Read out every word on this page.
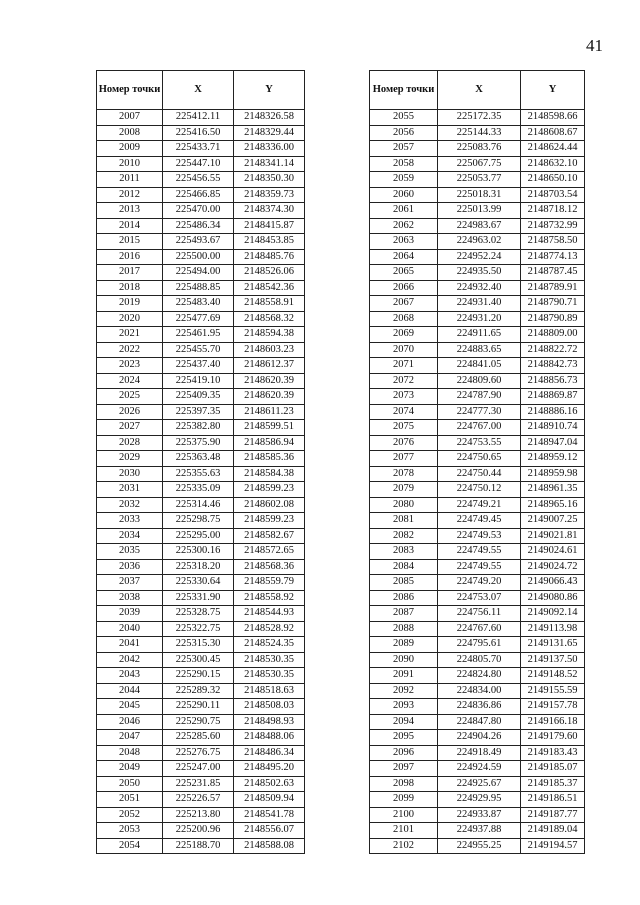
41
Номер точки	X	Y
2007	225412.11	2148326.58
2008	225416.50	2148329.44
2009	225433.71	2148336.00
2010	225447.10	2148341.14
2011	225456.55	2148350.30
2012	225466.85	2148359.73
2013	225470.00	2148374.30
2014	225486.34	2148415.87
2015	225493.67	2148453.85
2016	225500.00	2148485.76
2017	225494.00	2148526.06
2018	225488.85	2148542.36
2019	225483.40	2148558.91
2020	225477.69	2148568.32
2021	225461.95	2148594.38
2022	225455.70	2148603.23
2023	225437.40	2148612.37
2024	225419.10	2148620.39
2025	225409.35	2148620.39
2026	225397.35	2148611.23
2027	225382.80	2148599.51
2028	225375.90	2148586.94
2029	225363.48	2148585.36
2030	225355.63	2148584.38
2031	225335.09	2148599.23
2032	225314.46	2148602.08
2033	225298.75	2148599.23
2034	225295.00	2148582.67
2035	225300.16	2148572.65
2036	225318.20	2148568.36
2037	225330.64	2148559.79
2038	225331.90	2148558.92
2039	225328.75	2148544.93
2040	225322.75	2148528.92
2041	225315.30	2148524.35
2042	225300.45	2148530.35
2043	225290.15	2148530.35
2044	225289.32	2148518.63
2045	225290.11	2148508.03
2046	225290.75	2148498.93
2047	225285.60	2148488.06
2048	225276.75	2148486.34
2049	225247.00	2148495.20
2050	225231.85	2148502.63
2051	225226.57	2148509.94
2052	225213.80	2148541.78
2053	225200.96	2148556.07
2054	225188.70	2148588.08
Номер точки	X	Y
2055	225172.35	2148598.66
2056	225144.33	2148608.67
2057	225083.76	2148624.44
2058	225067.75	2148632.10
2059	225053.77	2148650.10
2060	225018.31	2148703.54
2061	225013.99	2148718.12
2062	224983.67	2148732.99
2063	224963.02	2148758.50
2064	224952.24	2148774.13
2065	224935.50	2148787.45
2066	224932.40	2148789.91
2067	224931.40	2148790.71
2068	224931.20	2148790.89
2069	224911.65	2148809.00
2070	224883.65	2148822.72
2071	224841.05	2148842.73
2072	224809.60	2148856.73
2073	224787.90	2148869.87
2074	224777.30	2148886.16
2075	224767.00	2148910.74
2076	224753.55	2148947.04
2077	224750.65	2148959.12
2078	224750.44	2148959.98
2079	224750.12	2148961.35
2080	224749.21	2148965.16
2081	224749.45	2149007.25
2082	224749.53	2149021.81
2083	224749.55	2149024.61
2084	224749.55	2149024.72
2085	224749.20	2149066.43
2086	224753.07	2149080.86
2087	224756.11	2149092.14
2088	224767.60	2149113.98
2089	224795.61	2149131.65
2090	224805.70	2149137.50
2091	224824.80	2149148.52
2092	224834.00	2149155.59
2093	224836.86	2149157.78
2094	224847.80	2149166.18
2095	224904.26	2149179.60
2096	224918.49	2149183.43
2097	224924.59	2149185.07
2098	224925.67	2149185.37
2099	224929.95	2149186.51
2100	224933.87	2149187.77
2101	224937.88	2149189.04
2102	224955.25	2149194.57
